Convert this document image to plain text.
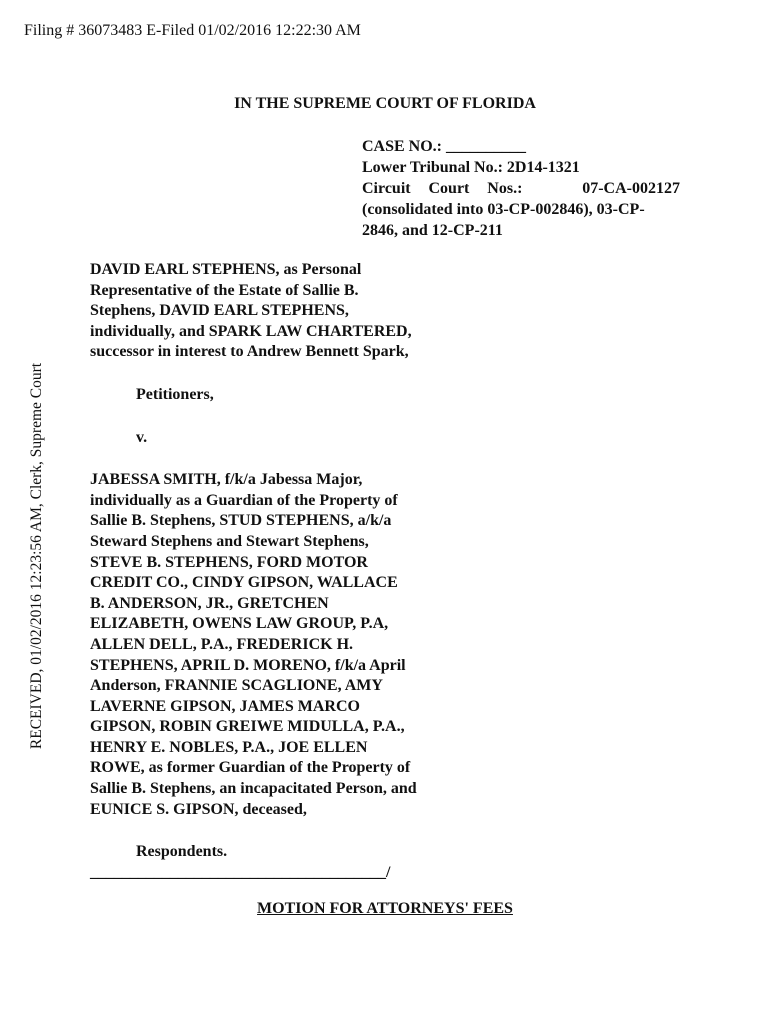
Filing # 36073483 E-Filed 01/02/2016 12:22:30 AM
RECEIVED, 01/02/2016 12:23:56 AM, Clerk, Supreme Court
IN THE SUPREME COURT OF FLORIDA
CASE NO.: __________
Lower Tribunal No.: 2D14-1321
Circuit Court Nos.:	07-CA-002127
(consolidated into 03-CP-002846), 03-CP-
2846, and 12-CP-211
DAVID EARL STEPHENS, as Personal
Representative of the Estate of Sallie B.
Stephens, DAVID EARL STEPHENS,
individually, and SPARK LAW CHARTERED,
successor in interest to Andrew Bennett Spark,
Petitioners,
v.
JABESSA SMITH, f/k/a Jabessa Major,
individually as a Guardian of the Property of
Sallie B. Stephens, STUD STEPHENS, a/k/a
Steward Stephens and Stewart Stephens,
STEVE B. STEPHENS, FORD MOTOR
CREDIT CO., CINDY GIPSON, WALLACE
B. ANDERSON, JR., GRETCHEN
ELIZABETH, OWENS LAW GROUP, P.A,
ALLEN DELL, P.A., FREDERICK H.
STEPHENS, APRIL D. MORENO, f/k/a April
Anderson, FRANNIE SCAGLIONE, AMY
LAVERNE GIPSON, JAMES MARCO
GIPSON, ROBIN GREIWE MIDULLA, P.A.,
HENRY E. NOBLES, P.A., JOE ELLEN
ROWE, as former Guardian of the Property of
Sallie B. Stephens, an incapacitated Person, and
EUNICE S. GIPSON, deceased,
Respondents.
_____________________________________/
MOTION FOR ATTORNEYS' FEES
